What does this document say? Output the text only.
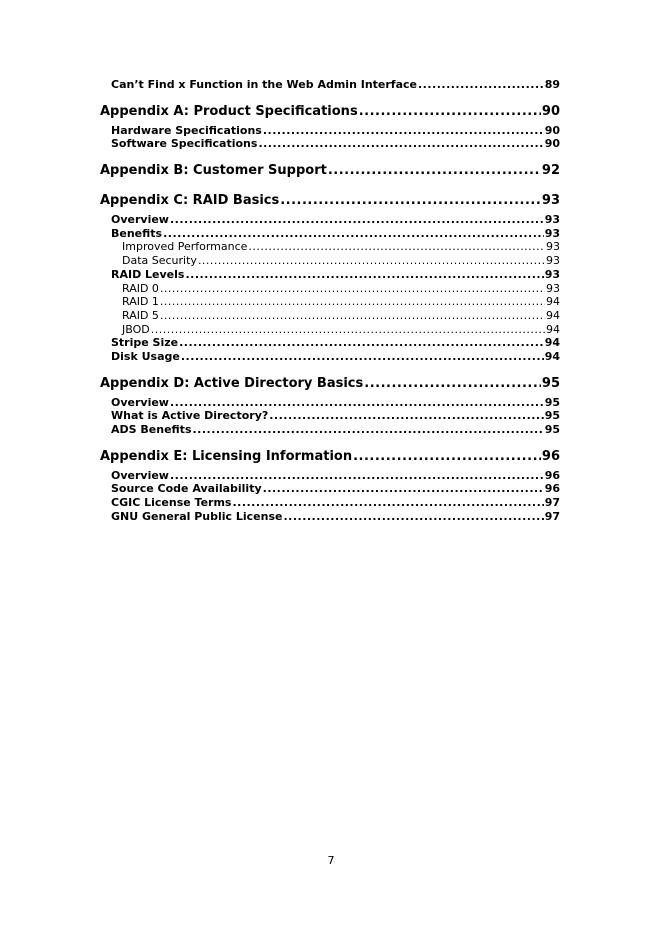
Can’t Find x Function in the Web Admin Interface .....	89
Appendix A: Product Specifications .....	90
Hardware Specifications .....	90
Software Specifications .....	90
Appendix B: Customer Support .....	92
Appendix C: RAID Basics .....	93
Overview .....	93
Benefits .....	93
Improved Performance .....	93
Data Security .....	93
RAID Levels .....	93
RAID 0 .....	93
RAID 1 .....	94
RAID 5 .....	94
JBOD .....	94
Stripe Size .....	94
Disk Usage .....	94
Appendix D: Active Directory Basics .....	95
Overview .....	95
What is Active Directory? .....	95
ADS Benefits .....	95
Appendix E: Licensing Information .....	96
Overview .....	96
Source Code Availability .....	96
CGIC License Terms .....	97
GNU General Public License .....	97
7
